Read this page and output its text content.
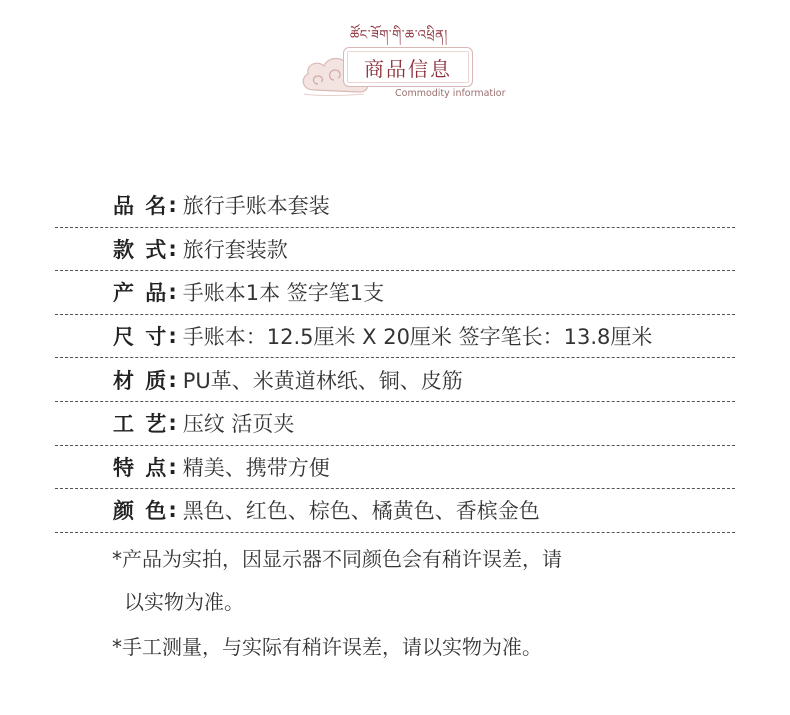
ཚོང་ཟོག་གི་ཆ་འཕྲིན།
商品信息
Commodity informatior
品 名 : 旅行手账本套装
款 式 : 旅行套装款
产 品 : 手账本1本 签字笔1支
尺 寸 : 手账本：12.5厘米 X 20厘米 签字笔长：13.8厘米
材 质 : PU革、米黄道林纸、铜、皮筋
工 艺 : 压纹 活页夹
特 点 : 精美、携带方便
颜 色 : 黑色、红色、棕色、橘黄色、香槟金色
*产品为实拍，因显示器不同颜色会有稍许误差，请
以实物为准。
*手工测量，与实际有稍许误差，请以实物为准。
